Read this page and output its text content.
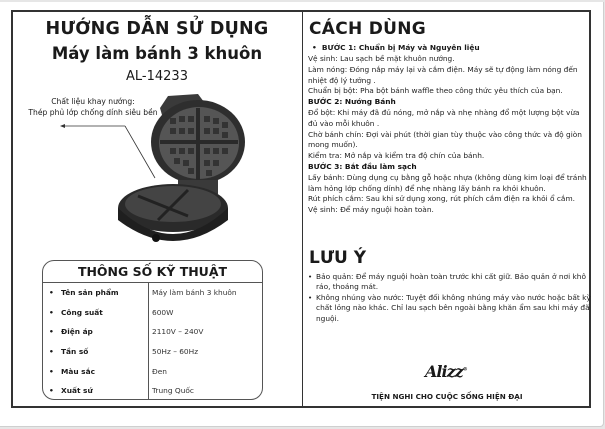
HƯỚNG DẪN SỬ DỤNG
Máy làm bánh 3 khuôn
AL-14233
Chất liệu khay nướng:
Thép phủ lớp chống dính siêu bền
THÔNG SỐ KỸ THUẬT
• Tên sản phẩm	Máy làm bánh 3 khuôn
• Công suất	600W
• Điện áp	2110V – 240V
• Tần số	50Hz – 60Hz
• Màu sắc	Đen
• Xuất sứ	Trung Quốc
CÁCH DÙNG
• BƯỚC 1: Chuẩn bị Máy và Nguyên liệu
Vệ sinh: Lau sạch bề mặt khuôn nướng.
Làm nóng: Đóng nắp máy lại và cắm điện. Máy sẽ tự động làm nóng đến nhiệt độ lý tưởng .
Chuẩn bị bột: Pha bột bánh waffle theo công thức yêu thích của bạn.
BƯỚC 2: Nướng Bánh
Đổ bột: Khi máy đã đủ nóng, mở nắp và nhẹ nhàng đổ một lượng bột vừa đủ vào mỗi khuôn .
Chờ bánh chín: Đợi vài phút (thời gian tùy thuộc vào công thức và độ giòn mong muốn).
Kiểm tra: Mở nắp và kiểm tra độ chín của bánh.
BƯỚC 3: Bắt đầu làm sạch
Lấy bánh: Dùng dụng cụ bằng gỗ hoặc nhựa (không dùng kim loại để tránh làm hỏng lớp chống dính) để nhẹ nhàng lấy bánh ra khỏi khuôn.
Rút phích cắm: Sau khi sử dụng xong, rút phích cắm điện ra khỏi ổ cắm.
Vệ sinh: Để máy nguội hoàn toàn.
LƯU Ý
• Bảo quản: Để máy nguội hoàn toàn trước khi cất giữ. Bảo quản ở nơi khô ráo, thoáng mát.
• Không nhúng vào nước: Tuyệt đối không nhúng máy vào nước hoặc bất kỳ chất lỏng nào khác. Chỉ lau sạch bên ngoài bằng khăn ẩm sau khi máy đã nguội.
Alizz®
TIỆN NGHI CHO CUỘC SỐNG HIỆN ĐẠI
